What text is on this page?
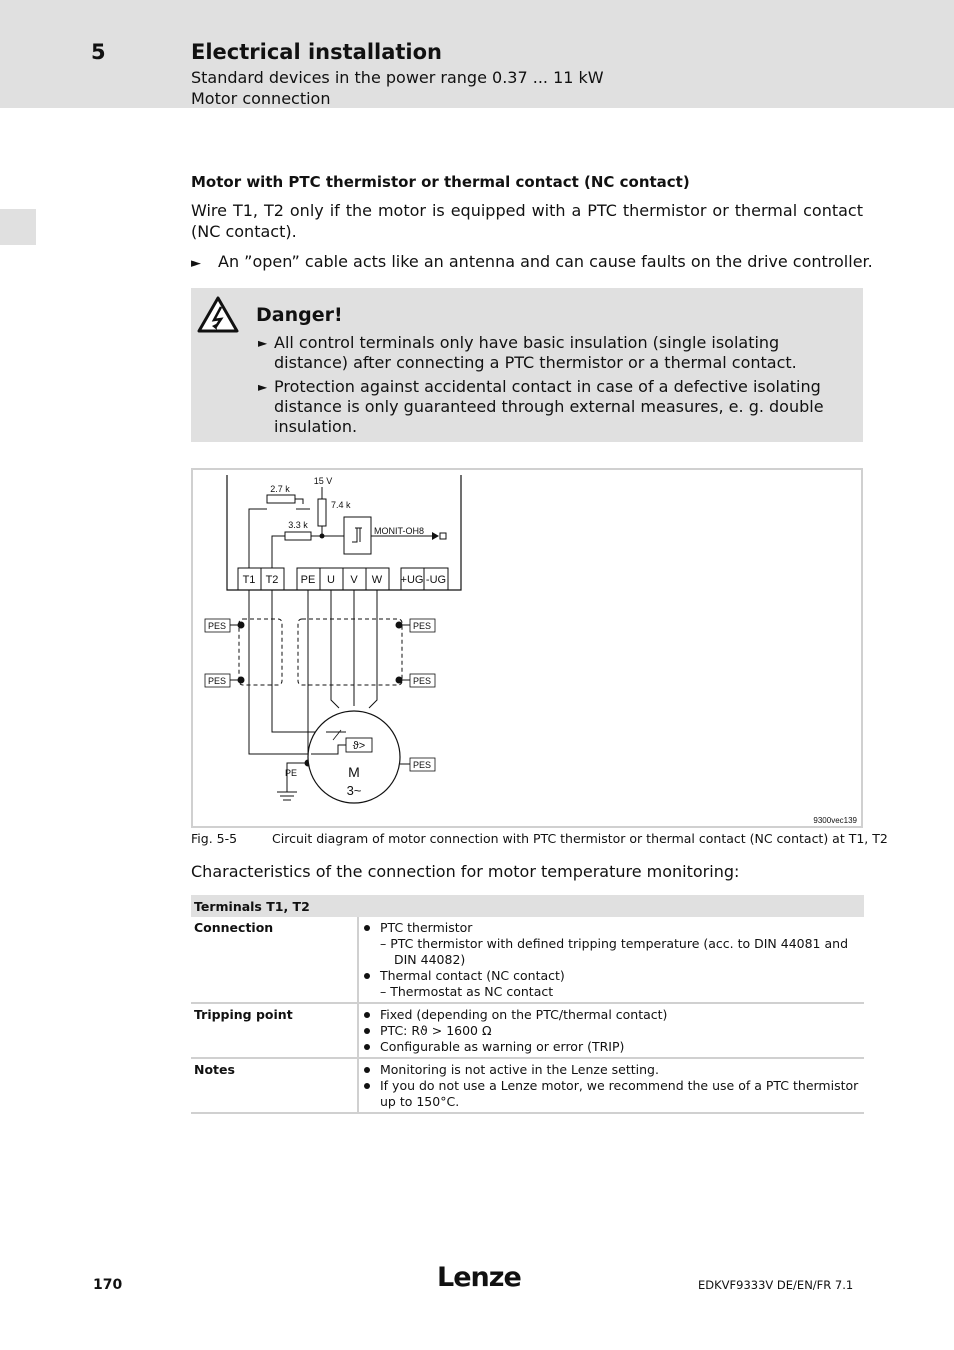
5	Electrical installation
Standard devices in the power range 0.37 ... 11 kW
Motor connection
Motor with PTC thermistor or thermal contact (NC contact)
Wire T1, T2 only if the motor is equipped with a PTC thermistor or thermal contact (NC contact).
► An ”open” cable acts like an antenna and can cause faults on the drive controller.
Danger!
► All control terminals only have basic insulation (single isolating distance) after connecting a PTC thermistor or a thermal contact.
► Protection against accidental contact in case of a defective isolating distance is only guaranteed through external measures, e. g. double insulation.
T1 T2 PE U V W +UG -UG
2.7 k
3.3 k
7.4 k
15 V
MONIT-OH8
PES
PES
PES
PES
PES
PE
ϑ>
M
3~
9300vec139
Fig. 5-5	Circuit diagram of motor connection with PTC thermistor or thermal contact (NC contact) at T1, T2
Characteristics of the connection for motor temperature monitoring:
Terminals T1, T2	
Connection	PTC thermistor
– PTC thermistor with defined tripping temperature (acc. to DIN 44081 and
DIN 44082)
Thermal contact (NC contact)
– Thermostat as NC contact

Tripping point	Fixed (depending on the PTC/thermal contact)
PTC: Rϑ > 1600 Ω
Configurable as warning or error (TRIP)

Notes	Monitoring is not active in the Lenze setting.
If you do not use a Lenze motor, we recommend the use of a PTC thermistor up to 150°C.
170	Lenze	EDKVF9333V DE/EN/FR 7.1
